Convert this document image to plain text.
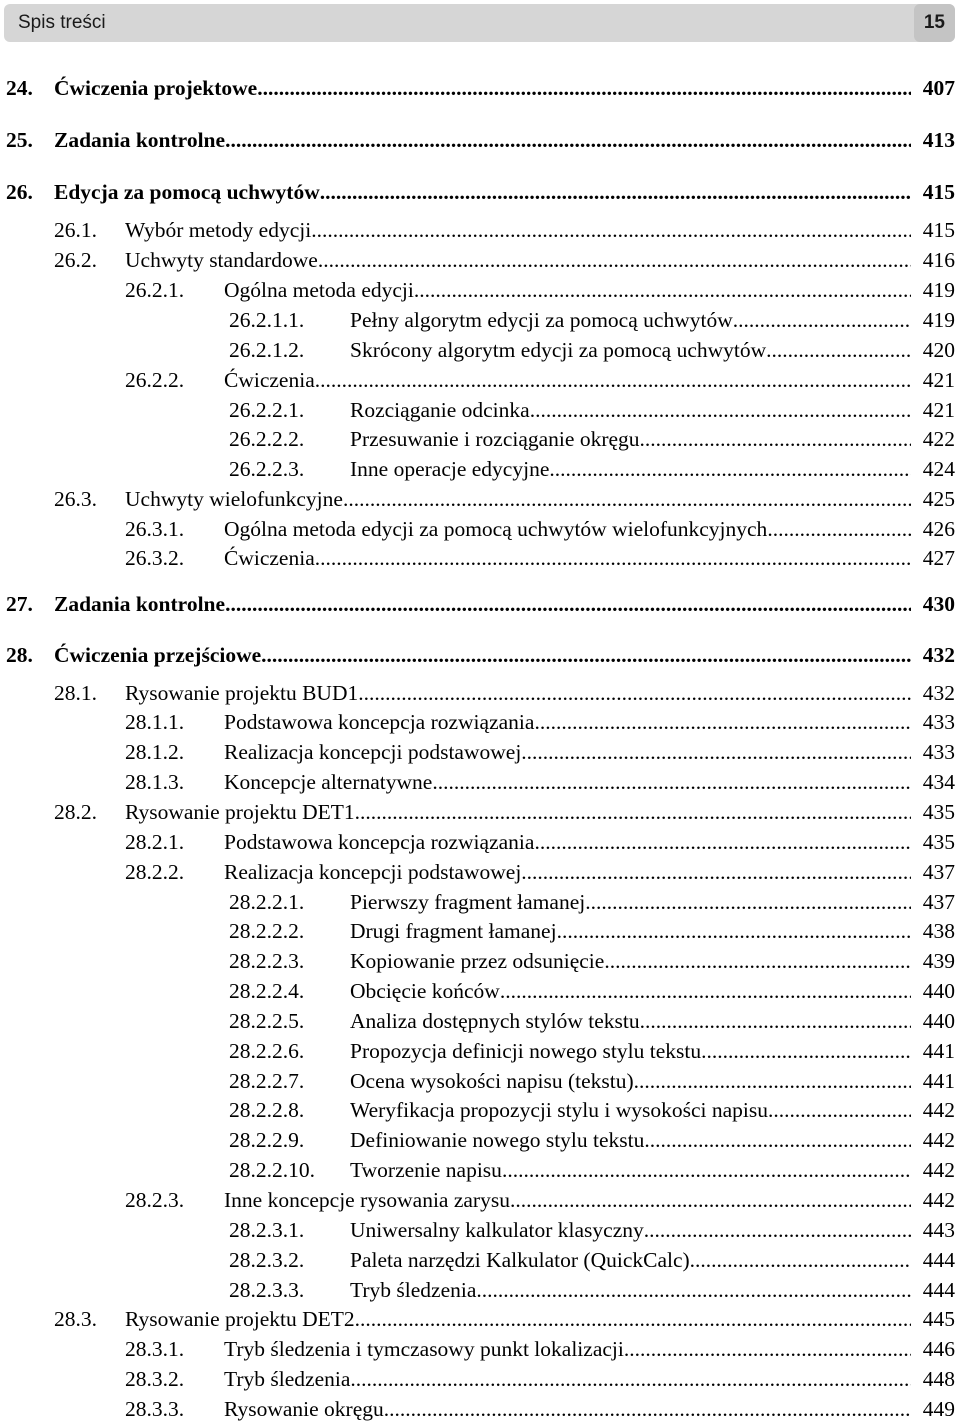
Spis treści	15
24. Ćwiczenia projektowe .....	407
25. Zadania kontrolne .....	413
26. Edycja za pomocą uchwytów .....	415
26.1. Wybór metody edycji .....	415
26.2. Uchwyty standardowe .....	416
26.2.1. Ogólna metoda edycji .....	419
26.2.1.1. Pełny algorytm edycji za pomocą uchwytów .....	419
26.2.1.2. Skrócony algorytm edycji za pomocą uchwytów .....	420
26.2.2. Ćwiczenia .....	421
26.2.2.1. Rozciąganie odcinka .....	421
26.2.2.2. Przesuwanie i rozciąganie okręgu .....	422
26.2.2.3. Inne operacje edycyjne .....	424
26.3. Uchwyty wielofunkcyjne .....	425
26.3.1. Ogólna metoda edycji za pomocą uchwytów wielofunkcyjnych .....	426
26.3.2. Ćwiczenia .....	427
27. Zadania kontrolne .....	430
28. Ćwiczenia przejściowe .....	432
28.1. Rysowanie projektu BUD1 .....	432
28.1.1. Podstawowa koncepcja rozwiązania .....	433
28.1.2. Realizacja koncepcji podstawowej .....	433
28.1.3. Koncepcje alternatywne .....	434
28.2. Rysowanie projektu DET1 .....	435
28.2.1. Podstawowa koncepcja rozwiązania .....	435
28.2.2. Realizacja koncepcji podstawowej .....	437
28.2.2.1. Pierwszy fragment łamanej .....	437
28.2.2.2. Drugi fragment łamanej .....	438
28.2.2.3. Kopiowanie przez odsunięcie .....	439
28.2.2.4. Obcięcie końców .....	440
28.2.2.5. Analiza dostępnych stylów tekstu .....	440
28.2.2.6. Propozycja definicji nowego stylu tekstu .....	441
28.2.2.7. Ocena wysokości napisu (tekstu) .....	441
28.2.2.8. Weryfikacja propozycji stylu i wysokości napisu .....	442
28.2.2.9. Definiowanie nowego stylu tekstu .....	442
28.2.2.10. Tworzenie napisu .....	442
28.2.3. Inne koncepcje rysowania zarysu .....	442
28.2.3.1. Uniwersalny kalkulator klasyczny .....	443
28.2.3.2. Paleta narzędzi Kalkulator (QuickCalc) .....	444
28.2.3.3. Tryb śledzenia .....	444
28.3. Rysowanie projektu DET2 .....	445
28.3.1. Tryb śledzenia i tymczasowy punkt lokalizacji .....	446
28.3.2. Tryb śledzenia .....	448
28.3.3. Rysowanie okręgu .....	449
